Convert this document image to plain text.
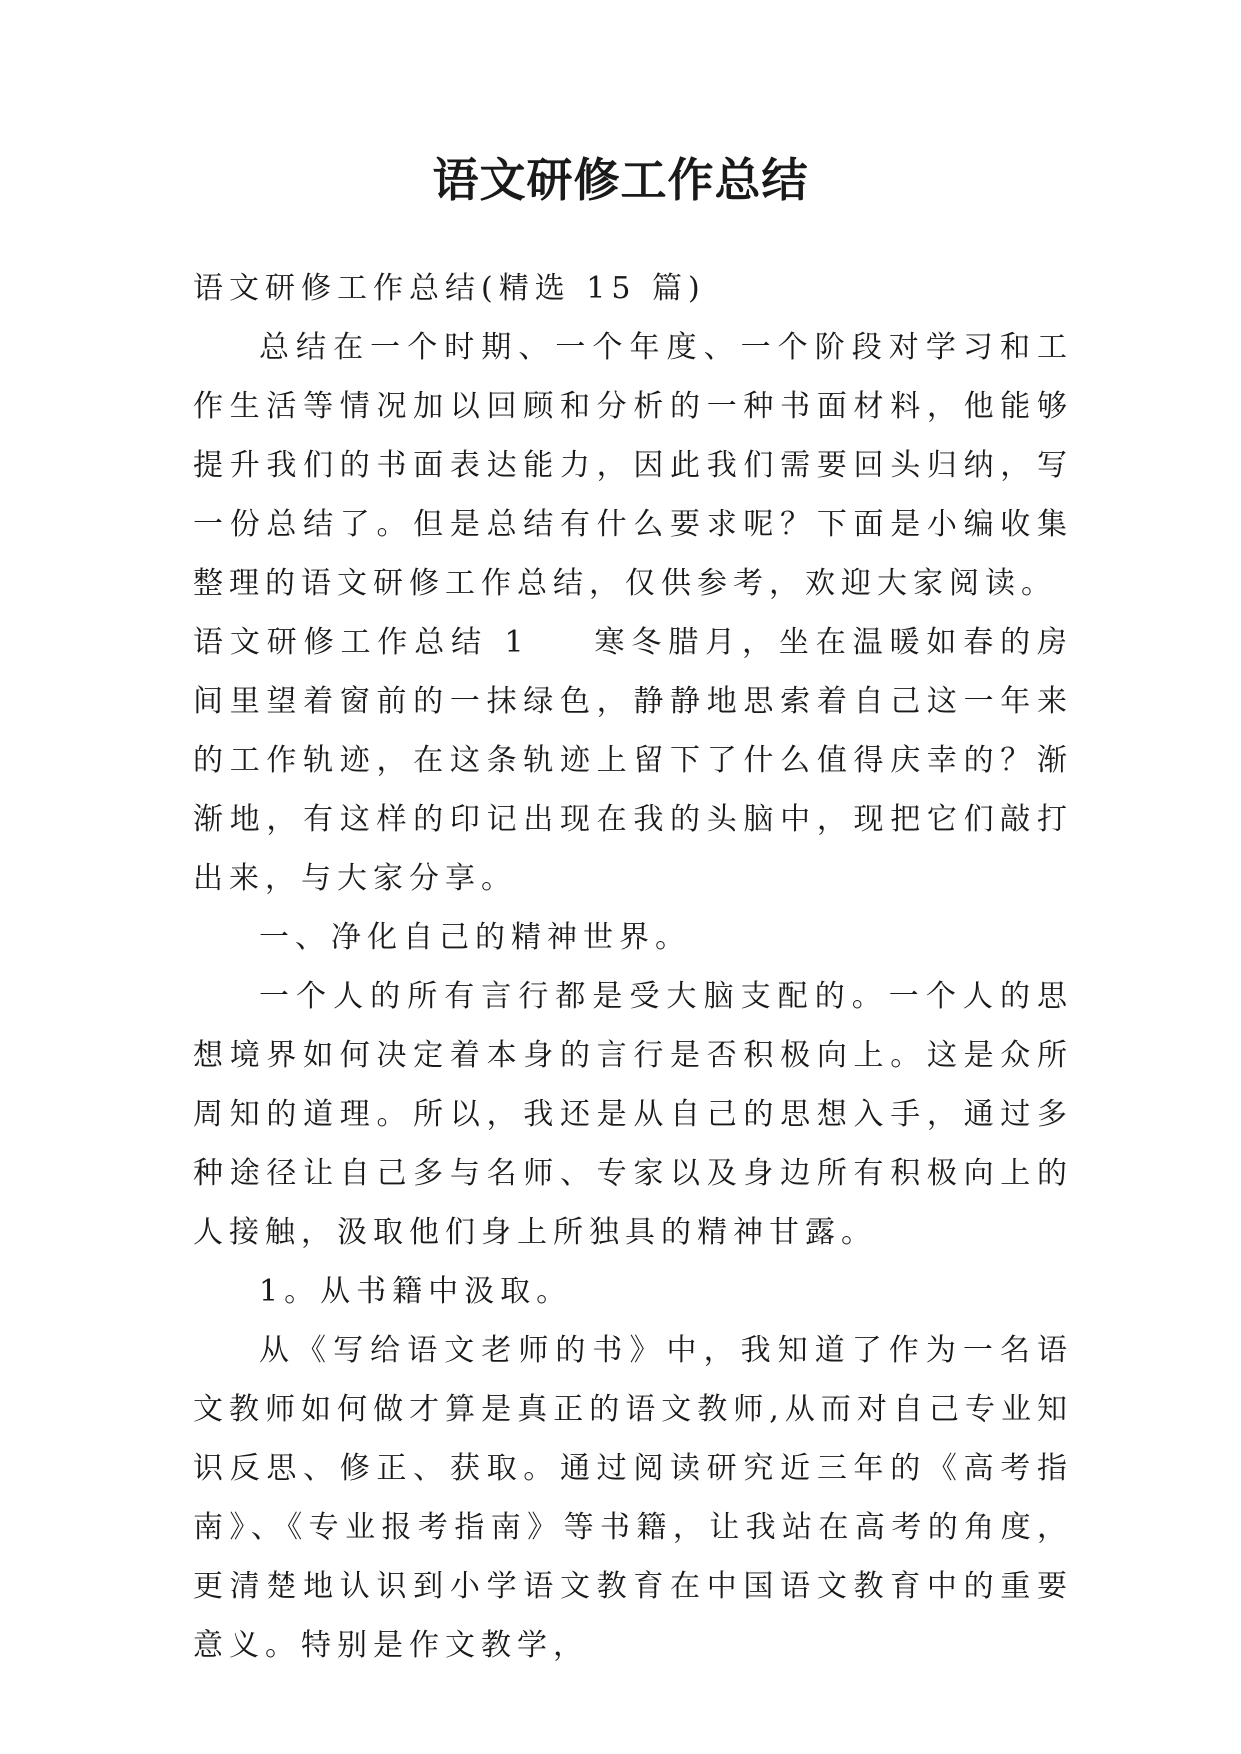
语文研修工作总结

语文研修工作总结(精选 15 篇)

总结在一个时期、一个年度、一个阶段对学习和工作生活等情况加以回顾和分析的一种书面材料，他能够提升我们的书面表达能力，因此我们需要回头归纳，写一份总结了。但是总结有什么要求呢？下面是小编收集整理的语文研修工作总结，仅供参考，欢迎大家阅读。

语文研修工作总结 1 寒冬腊月，坐在温暖如春的房间里望着窗前的一抹绿色，静静地思索着自己这一年来的工作轨迹，在这条轨迹上留下了什么值得庆幸的？渐渐地，有这样的印记出现在我的头脑中，现把它们敲打出来，与大家分享。

一、净化自己的精神世界。

一个人的所有言行都是受大脑支配的。一个人的思想境界如何决定着本身的言行是否积极向上。这是众所周知的道理。所以，我还是从自己的思想入手，通过多种途径让自己多与名师、专家以及身边所有积极向上的人接触，汲取他们身上所独具的精神甘露。

1。从书籍中汲取。

从《写给语文老师的书》中，我知道了作为一名语文教师如何做才算是真正的语文教师,从而对自己专业知识反思、修正、获取。通过阅读研究近三年的《高考指南》、《专业报考指南》等书籍，让我站在高考的角度，更清楚地认识到小学语文教育在中国语文教育中的重要意义。特别是作文教学，
